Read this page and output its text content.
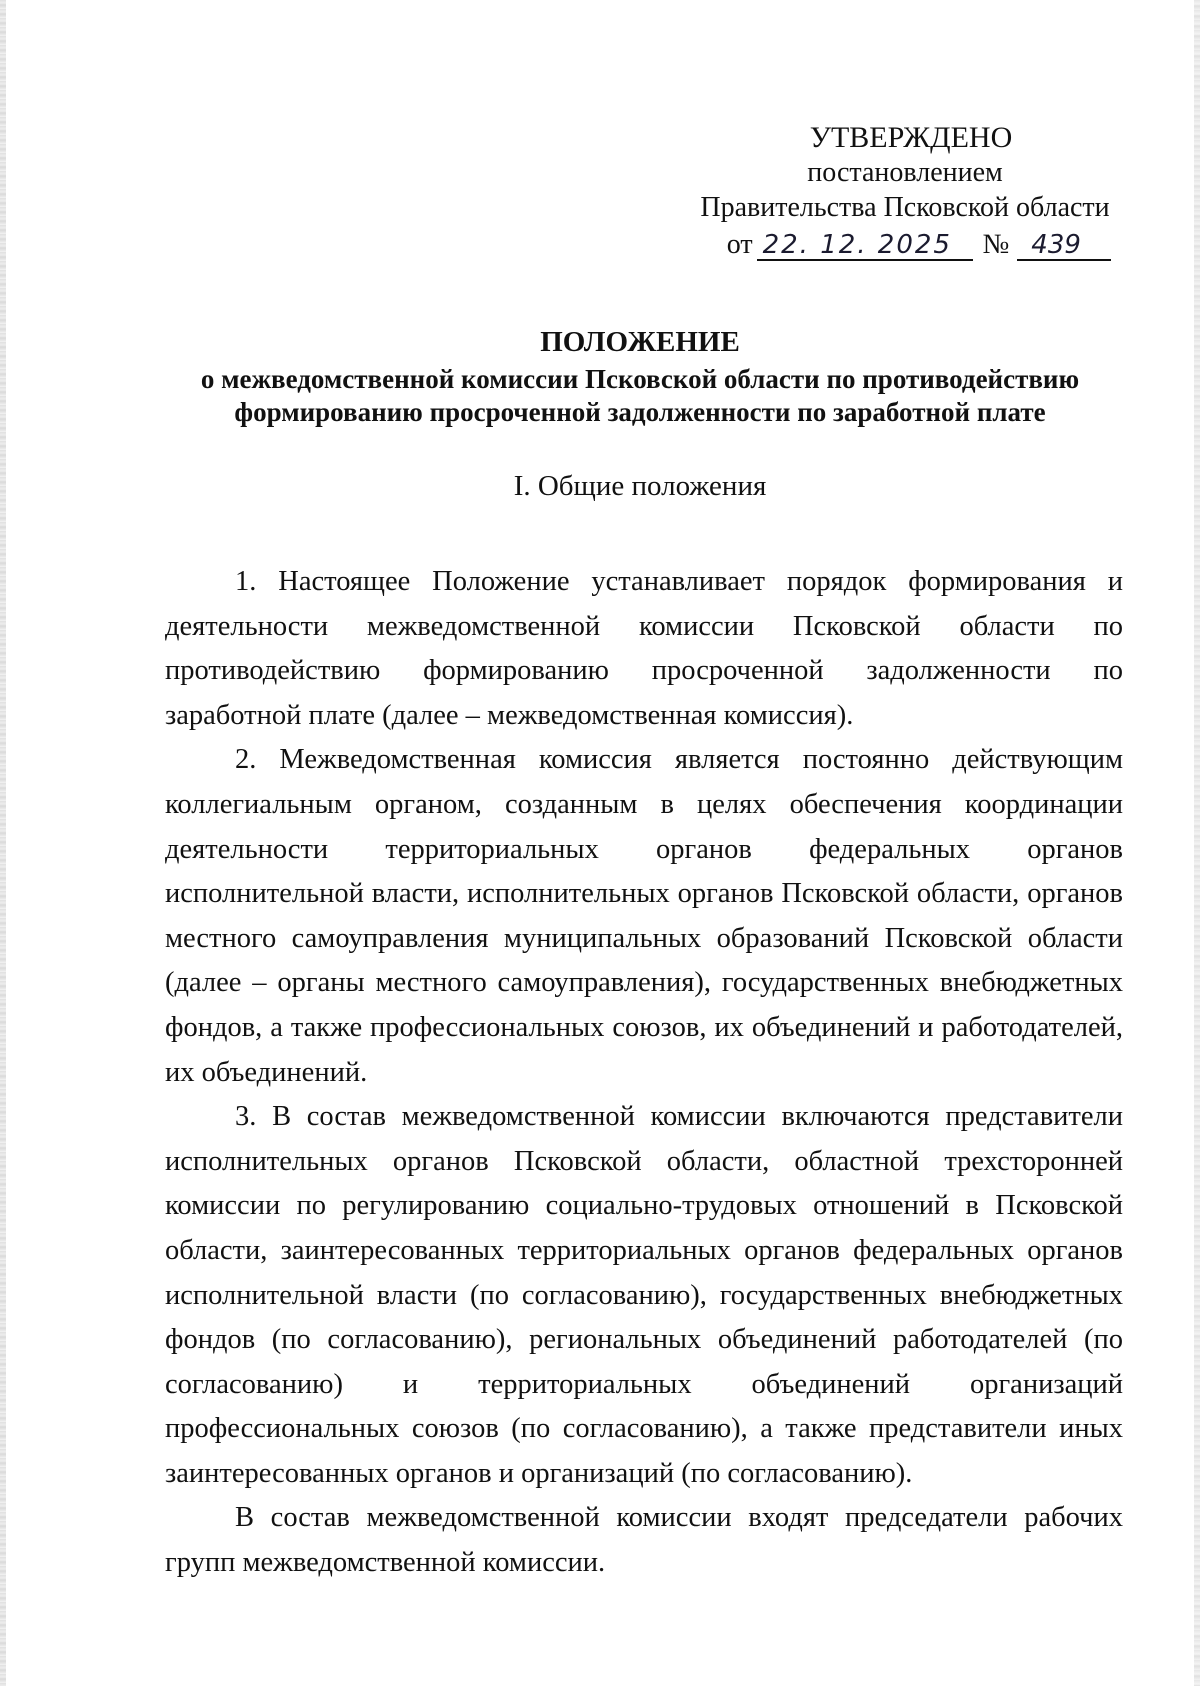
УТВЕРЖДЕНО
постановлением
Правительства Псковской области
от 22. 12. 2025	№ 439
ПОЛОЖЕНИЕ
о межведомственной комиссии Псковской области по противодействию
формированию просроченной задолженности по заработной плате
I. Общие положения

1. Настоящее Положение устанавливает порядок формирования и деятельности межведомственной комиссии Псковской области по противодействию формированию просроченной задолженности по заработной плате (далее – межведомственная комиссия).

2. Межведомственная комиссия является постоянно действующим коллегиальным органом, созданным в целях обеспечения координации деятельности территориальных органов федеральных органов исполнительной власти, исполнительных органов Псковской области, органов местного самоуправления муниципальных образований Псковской области (далее – органы местного самоуправления), государственных внебюджетных фондов, а также профессиональных союзов, их объединений и работодателей, их объединений.

3. В состав межведомственной комиссии включаются представители исполнительных органов Псковской области, областной трехсторонней комиссии по регулированию социально-трудовых отношений в Псковской области, заинтересованных территориальных органов федеральных органов исполнительной власти (по согласованию), государственных внебюджетных фондов (по согласованию), региональных объединений работодателей (по согласованию) и территориальных объединений организаций профессиональных союзов (по согласованию), а также представители иных заинтересованных органов и организаций (по согласованию).

В состав межведомственной комиссии входят председатели рабочих групп межведомственной комиссии.
